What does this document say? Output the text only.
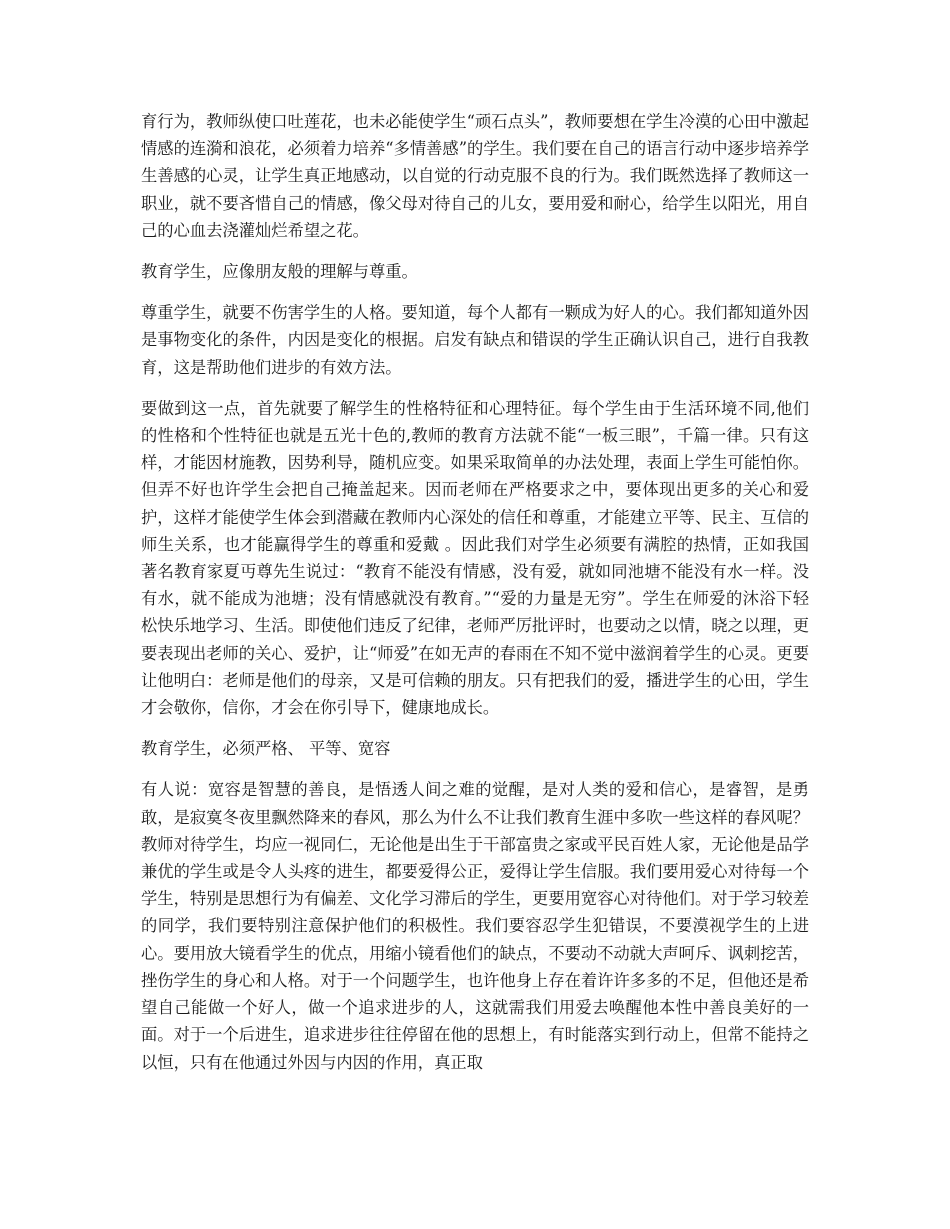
育行为，教师纵使口吐莲花，也未必能使学生“顽石点头”，教师要想在学生冷漠的心田中激起情感的连漪和浪花，必须着力培养“多情善感”的学生。我们要在自己的语言行动中逐步培养学生善感的心灵，让学生真正地感动，以自觉的行动克服不良的行为。我们既然选择了教师这一职业，就不要吝惜自己的情感，像父母对待自己的儿女，要用爱和耐心，给学生以阳光，用自己的心血去浇灌灿烂希望之花。

教育学生，应像朋友般的理解与尊重。

尊重学生，就要不伤害学生的人格。要知道，每个人都有一颗成为好人的心。我们都知道外因是事物变化的条件，内因是变化的根据。启发有缺点和错误的学生正确认识自己，进行自我教育，这是帮助他们进步的有效方法。

要做到这一点，首先就要了解学生的性格特征和心理特征。每个学生由于生活环境不同,他们的性格和个性特征也就是五光十色的,教师的教育方法就不能“一板三眼”，千篇一律。只有这样，才能因材施教，因势利导，随机应变。如果采取简单的办法处理，表面上学生可能怕你。但弄不好也许学生会把自己掩盖起来。因而老师在严格要求之中，要体现出更多的关心和爱护，这样才能使学生体会到潜藏在教师内心深处的信任和尊重，才能建立平等、民主、互信的师生关系，也才能赢得学生的尊重和爱戴 。因此我们对学生必须要有满腔的热情，正如我国著名教育家夏丏尊先生说过：“教育不能没有情感，没有爱，就如同池塘不能没有水一样。没有水，就不能成为池塘；没有情感就没有教育。”“爱的力量是无穷”。学生在师爱的沐浴下轻松快乐地学习、生活。即使他们违反了纪律，老师严厉批评时，也要动之以情，晓之以理，更要表现出老师的关心、爱护，让“师爱”在如无声的春雨在不知不觉中滋润着学生的心灵。更要让他明白：老师是他们的母亲，又是可信赖的朋友。只有把我们的爱，播进学生的心田，学生才会敬你，信你，才会在你引导下，健康地成长。

教育学生，必须严格、 平等、宽容

有人说：宽容是智慧的善良，是悟透人间之难的觉醒，是对人类的爱和信心，是睿智，是勇敢，是寂寞冬夜里飘然降来的春风，那么为什么不让我们教育生涯中多吹一些这样的春风呢？教师对待学生，均应一视同仁，无论他是出生于干部富贵之家或平民百姓人家，无论他是品学兼优的学生或是令人头疼的进生，都要爱得公正，爱得让学生信服。我们要用爱心对待每一个学生，特别是思想行为有偏差、文化学习滞后的学生，更要用宽容心对待他们。对于学习较差的同学，我们要特别注意保护他们的积极性。我们要容忍学生犯错误，不要漠视学生的上进心。要用放大镜看学生的优点，用缩小镜看他们的缺点，不要动不动就大声呵斥、讽刺挖苦，挫伤学生的身心和人格。对于一个问题学生，也许他身上存在着许许多多的不足，但他还是希望自己能做一个好人，做一个追求进步的人，这就需我们用爱去唤醒他本性中善良美好的一面。对于一个后进生，追求进步往往停留在他的思想上，有时能落实到行动上，但常不能持之以恒，只有在他通过外因与内因的作用，真正取
